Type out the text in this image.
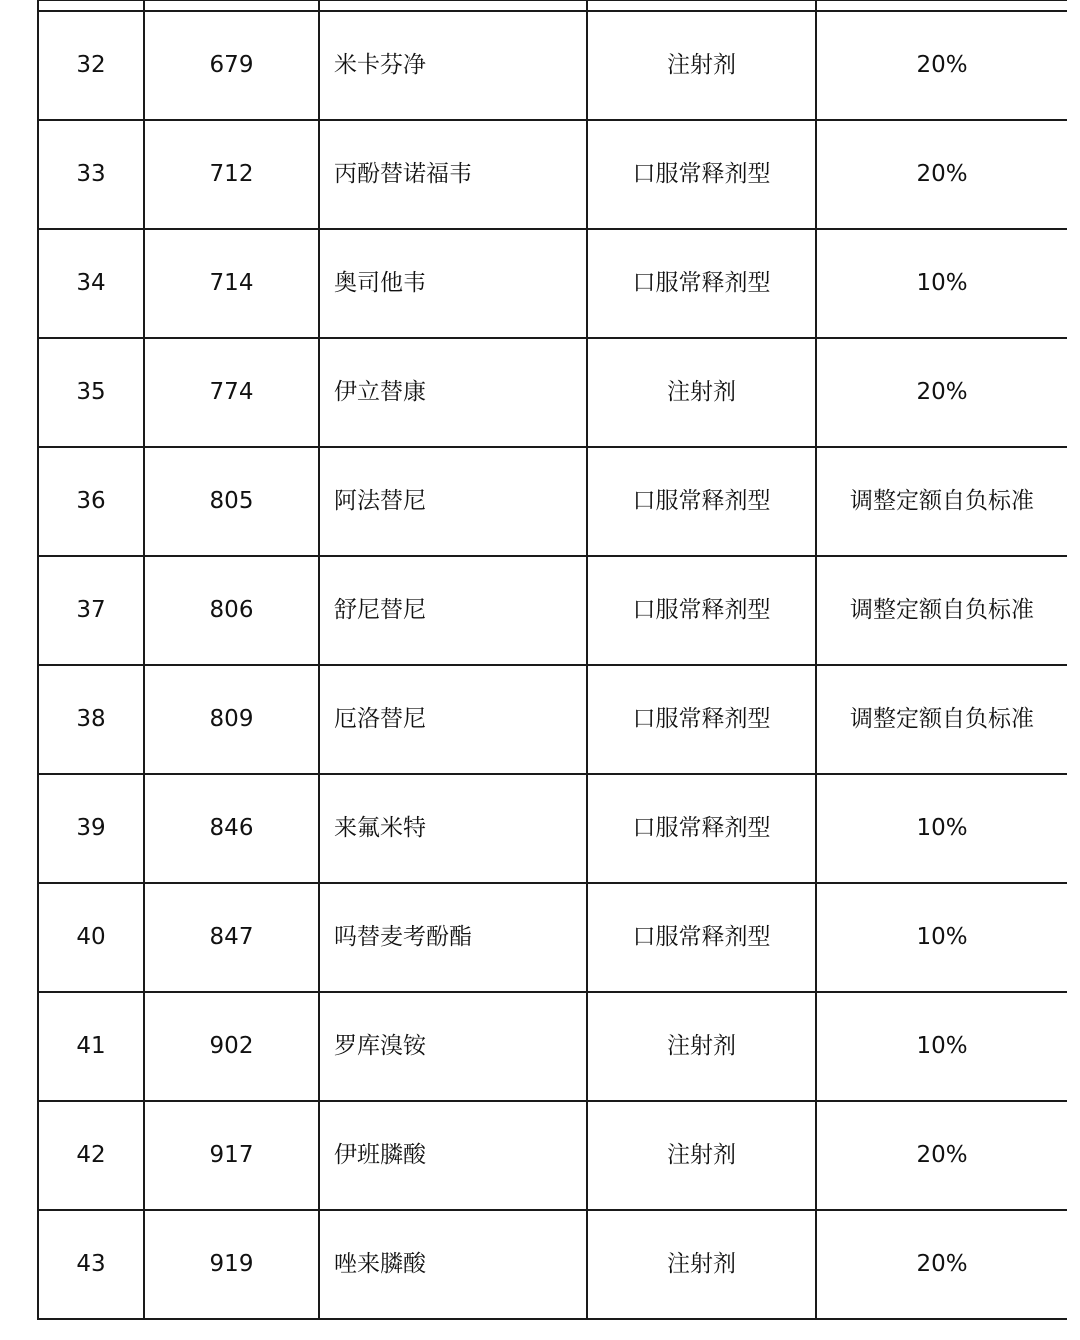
32	679	米卡芬净	注射剂	20%
33	712	丙酚替诺福韦	口服常释剂型	20%
34	714	奥司他韦	口服常释剂型	10%
35	774	伊立替康	注射剂	20%
36	805	阿法替尼	口服常释剂型	调整定额自负标准
37	806	舒尼替尼	口服常释剂型	调整定额自负标准
38	809	厄洛替尼	口服常释剂型	调整定额自负标准
39	846	来氟米特	口服常释剂型	10%
40	847	吗替麦考酚酯	口服常释剂型	10%
41	902	罗库溴铵	注射剂	10%
42	917	伊班膦酸	注射剂	20%
43	919	唑来膦酸	注射剂	20%
